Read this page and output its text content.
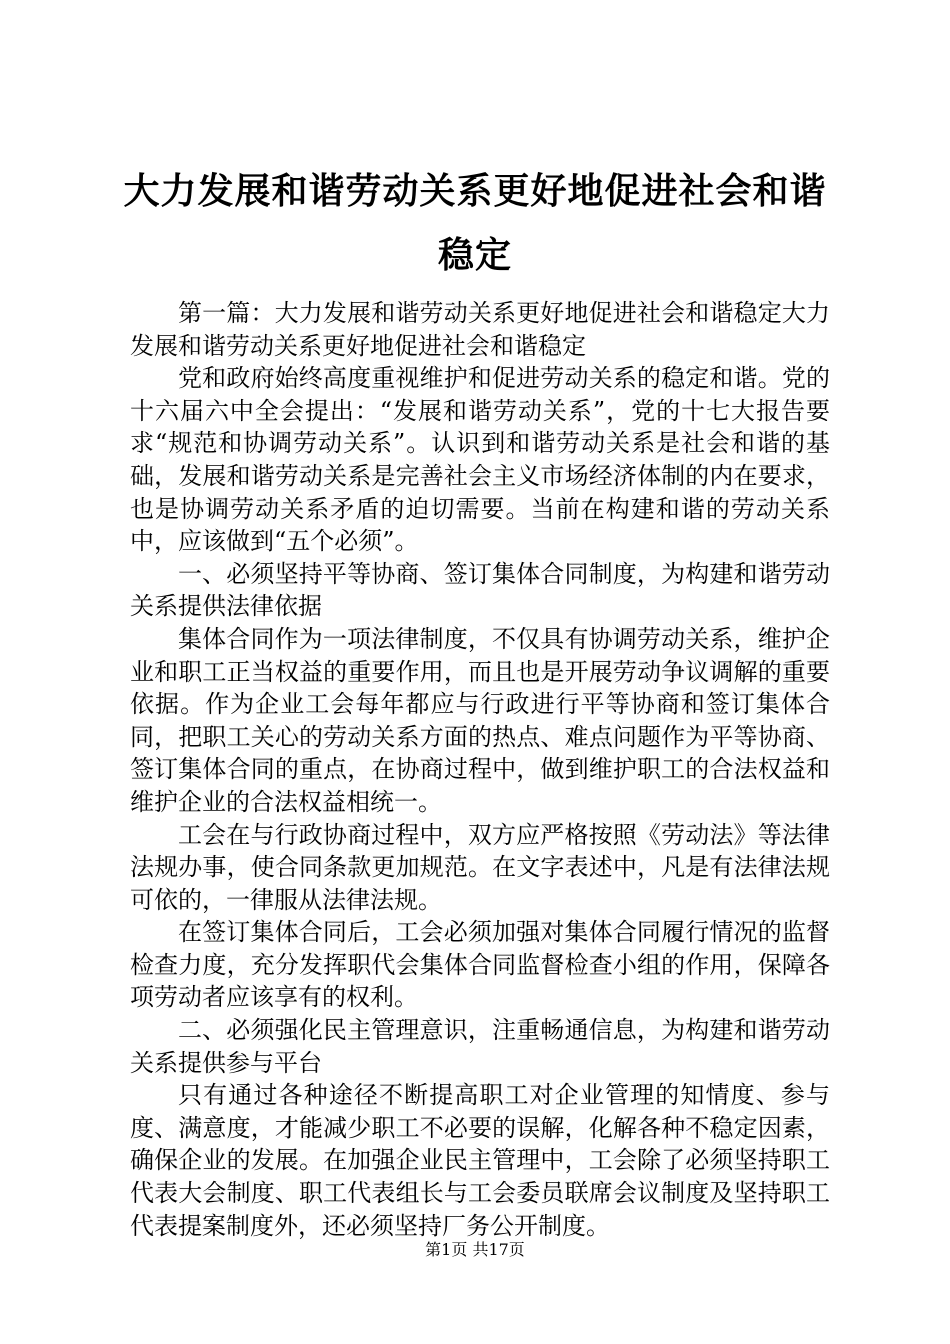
大力发展和谐劳动关系更好地促进社会和谐稳定

第一篇：大力发展和谐劳动关系更好地促进社会和谐稳定大力发展和谐劳动关系更好地促进社会和谐稳定

党和政府始终高度重视维护和促进劳动关系的稳定和谐。党的十六届六中全会提出：“发展和谐劳动关系”，党的十七大报告要求“规范和协调劳动关系”。认识到和谐劳动关系是社会和谐的基础，发展和谐劳动关系是完善社会主义市场经济体制的内在要求，也是协调劳动关系矛盾的迫切需要。当前在构建和谐的劳动关系中，应该做到“五个必须”。

一、必须坚持平等协商、签订集体合同制度，为构建和谐劳动关系提供法律依据

集体合同作为一项法律制度，不仅具有协调劳动关系，维护企业和职工正当权益的重要作用，而且也是开展劳动争议调解的重要依据。作为企业工会每年都应与行政进行平等协商和签订集体合同，把职工关心的劳动关系方面的热点、难点问题作为平等协商、签订集体合同的重点，在协商过程中，做到维护职工的合法权益和维护企业的合法权益相统一。

工会在与行政协商过程中，双方应严格按照《劳动法》等法律法规办事，使合同条款更加规范。在文字表述中，凡是有法律法规可依的，一律服从法律法规。

在签订集体合同后，工会必须加强对集体合同履行情况的监督检查力度，充分发挥职代会集体合同监督检查小组的作用，保障各项劳动者应该享有的权利。

二、必须强化民主管理意识，注重畅通信息，为构建和谐劳动关系提供参与平台

只有通过各种途径不断提高职工对企业管理的知情度、参与度、满意度，才能减少职工不必要的误解，化解各种不稳定因素，确保企业的发展。在加强企业民主管理中，工会除了必须坚持职工代表大会制度、职工代表组长与工会委员联席会议制度及坚持职工代表提案制度外，还必须坚持厂务公开制度。

第1页 共17页
